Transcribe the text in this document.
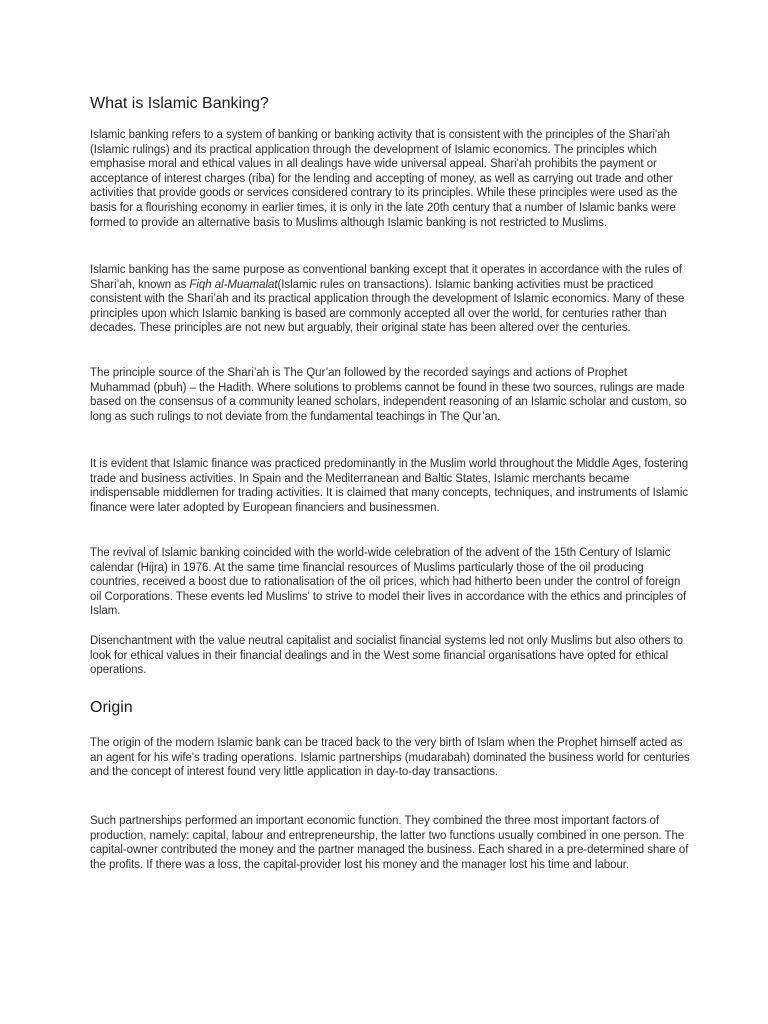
What is Islamic Banking?

Islamic banking refers to a system of banking or banking activity that is consistent with the principles of the Shari'ah (Islamic rulings) and its practical application through the development of Islamic economics. The principles which emphasise moral and ethical values in all dealings have wide universal appeal. Shari'ah prohibits the payment or acceptance of interest charges (riba) for the lending and accepting of money, as well as carrying out trade and other activities that provide goods or services considered contrary to its principles. While these principles were used as the basis for a flourishing economy in earlier times, it is only in the late 20th century that a number of Islamic banks were formed to provide an alternative basis to Muslims although Islamic banking is not restricted to Muslims.

Islamic banking has the same purpose as conventional banking except that it operates in accordance with the rules of Shari’ah, known as Fiqh al-Muamalat(Islamic rules on transactions). Islamic banking activities must be practiced consistent with the Shari’ah and its practical application through the development of Islamic economics. Many of these principles upon which Islamic banking is based are commonly accepted all over the world, for centuries rather than decades. These principles are not new but arguably, their original state has been altered over the centuries.

The principle source of the Shari’ah is The Qur’an followed by the recorded sayings and actions of Prophet Muhammad (pbuh) – the Hadith. Where solutions to problems cannot be found in these two sources, rulings are made based on the consensus of a community leaned scholars, independent reasoning of an Islamic scholar and custom, so long as such rulings to not deviate from the fundamental teachings in The Qur’an.

It is evident that Islamic finance was practiced predominantly in the Muslim world throughout the Middle Ages, fostering trade and business activities. In Spain and the Mediterranean and Baltic States, Islamic merchants became indispensable middlemen for trading activities. It is claimed that many concepts, techniques, and instruments of Islamic finance were later adopted by European financiers and businessmen.

The revival of Islamic banking coincided with the world-wide celebration of the advent of the 15th Century of Islamic calendar (Hijra) in 1976. At the same time financial resources of Muslims particularly those of the oil producing countries, received a boost due to rationalisation of the oil prices, which had hitherto been under the control of foreign oil Corporations. These events led Muslims' to strive to model their lives in accordance with the ethics and principles of Islam.

Disenchantment with the value neutral capitalist and socialist financial systems led not only Muslims but also others to look for ethical values in their financial dealings and in the West some financial organisations have opted for ethical operations.

Origin

The origin of the modern Islamic bank can be traced back to the very birth of Islam when the Prophet himself acted as an agent for his wife's trading operations. Islamic partnerships (mudarabah) dominated the business world for centuries and the concept of interest found very little application in day-to-day transactions.

Such partnerships performed an important economic function. They combined the three most important factors of production, namely: capital, labour and entrepreneurship, the latter two functions usually combined in one person. The capital-owner contributed the money and the partner managed the business. Each shared in a pre-determined share of the profits. If there was a loss, the capital-provider lost his money and the manager lost his time and labour.
